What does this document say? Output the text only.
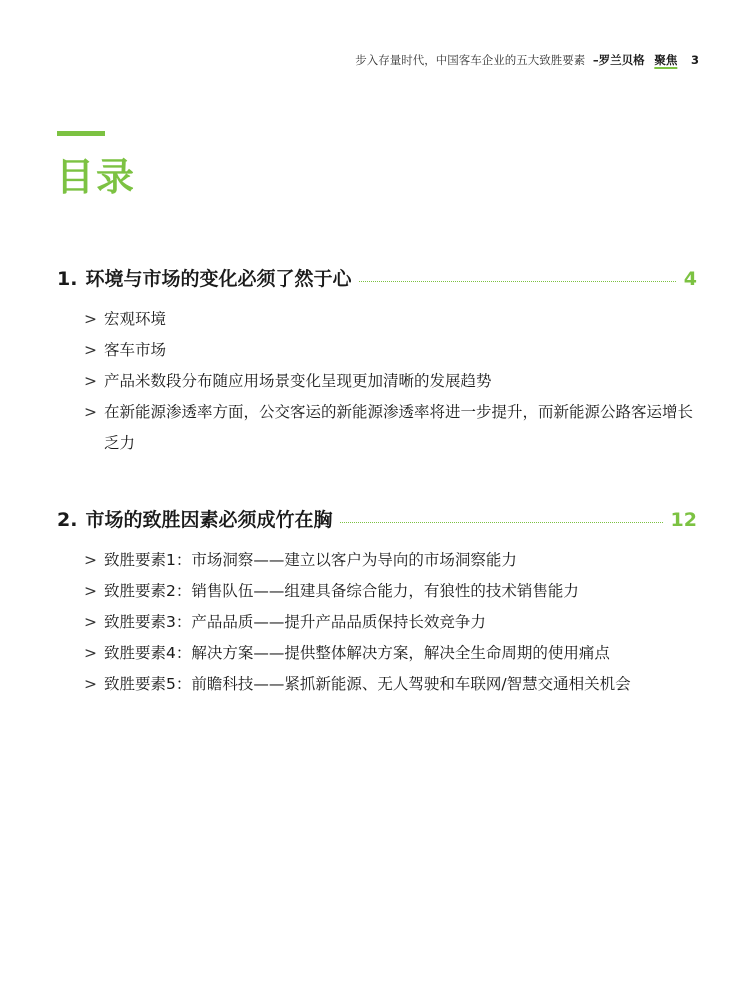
步入存量时代，中国客车企业的五大致胜要素 –罗兰贝格 聚焦 3
目录
1. 环境与市场的变化必须了然于心	4
> 宏观环境
> 客车市场
> 产品米数段分布随应用场景变化呈现更加清晰的发展趋势
> 在新能源渗透率方面，公交客运的新能源渗透率将进一步提升，而新能源公路客运增长乏力
2. 市场的致胜因素必须成竹在胸	12
> 致胜要素1：市场洞察——建立以客户为导向的市场洞察能力
> 致胜要素2：销售队伍——组建具备综合能力，有狼性的技术销售能力
> 致胜要素3：产品品质——提升产品品质保持长效竞争力
> 致胜要素4：解决方案——提供整体解决方案，解决全生命周期的使用痛点
> 致胜要素5：前瞻科技——紧抓新能源、无人驾驶和车联网/智慧交通相关机会
